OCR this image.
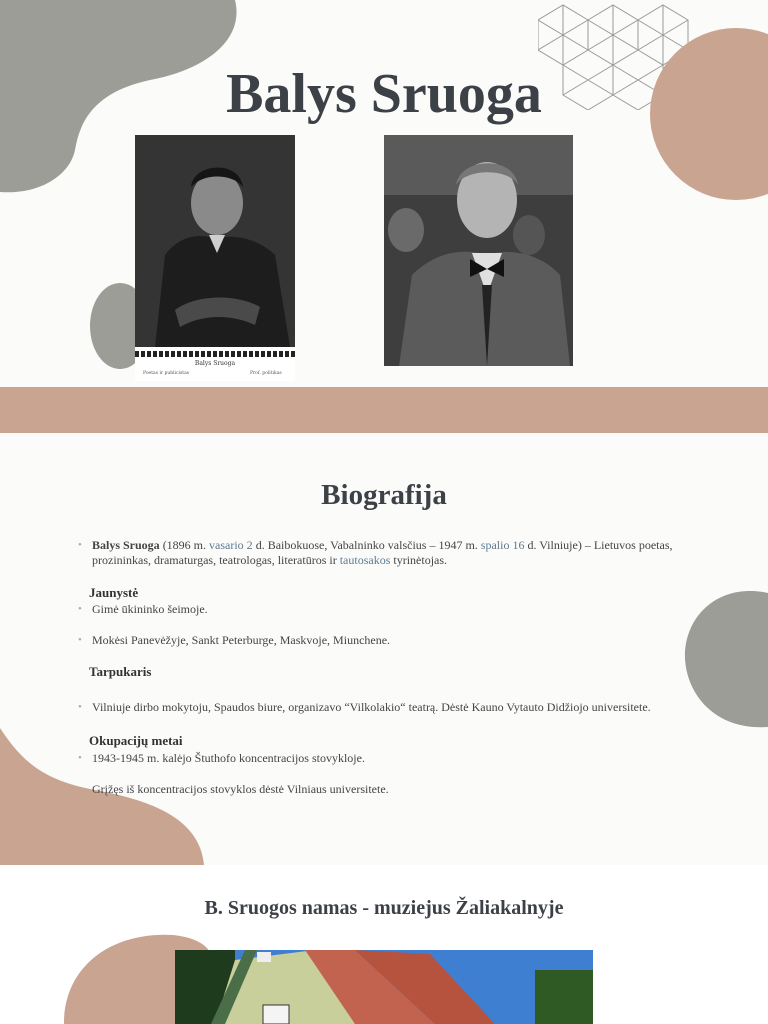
Balys Sruoga
Balys Sruoga
Poetas ir publicistas	Prof. politikas
Biografija
• Balys Sruoga (1896 m. vasario 2 d. Baibokuose, Vabalninko valsčius – 1947 m. spalio 16 d. Vilniuje) – Lietuvos poetas, prozininkas, dramaturgas, teatrologas, literatūros ir tautosakos tyrinėtojas.
Jaunystė
• Gimė ūkininko šeimoje.
• Mokėsi Panevėžyje, Sankt Peterburge, Maskvoje, Miunchene.
Tarpukaris
• Vilniuje dirbo mokytoju, Spaudos biure, organizavo “Vilkolakio“ teatrą. Dėstė Kauno Vytauto Didžiojo universitete.
Okupacijų metai
• 1943-1945 m. kalėjo Štuthofo koncentracijos stovykloje.
• Grįžęs iš koncentracijos stovyklos dėstė Vilniaus universitete.
B. Sruogos namas - muziejus Žaliakalnyje
